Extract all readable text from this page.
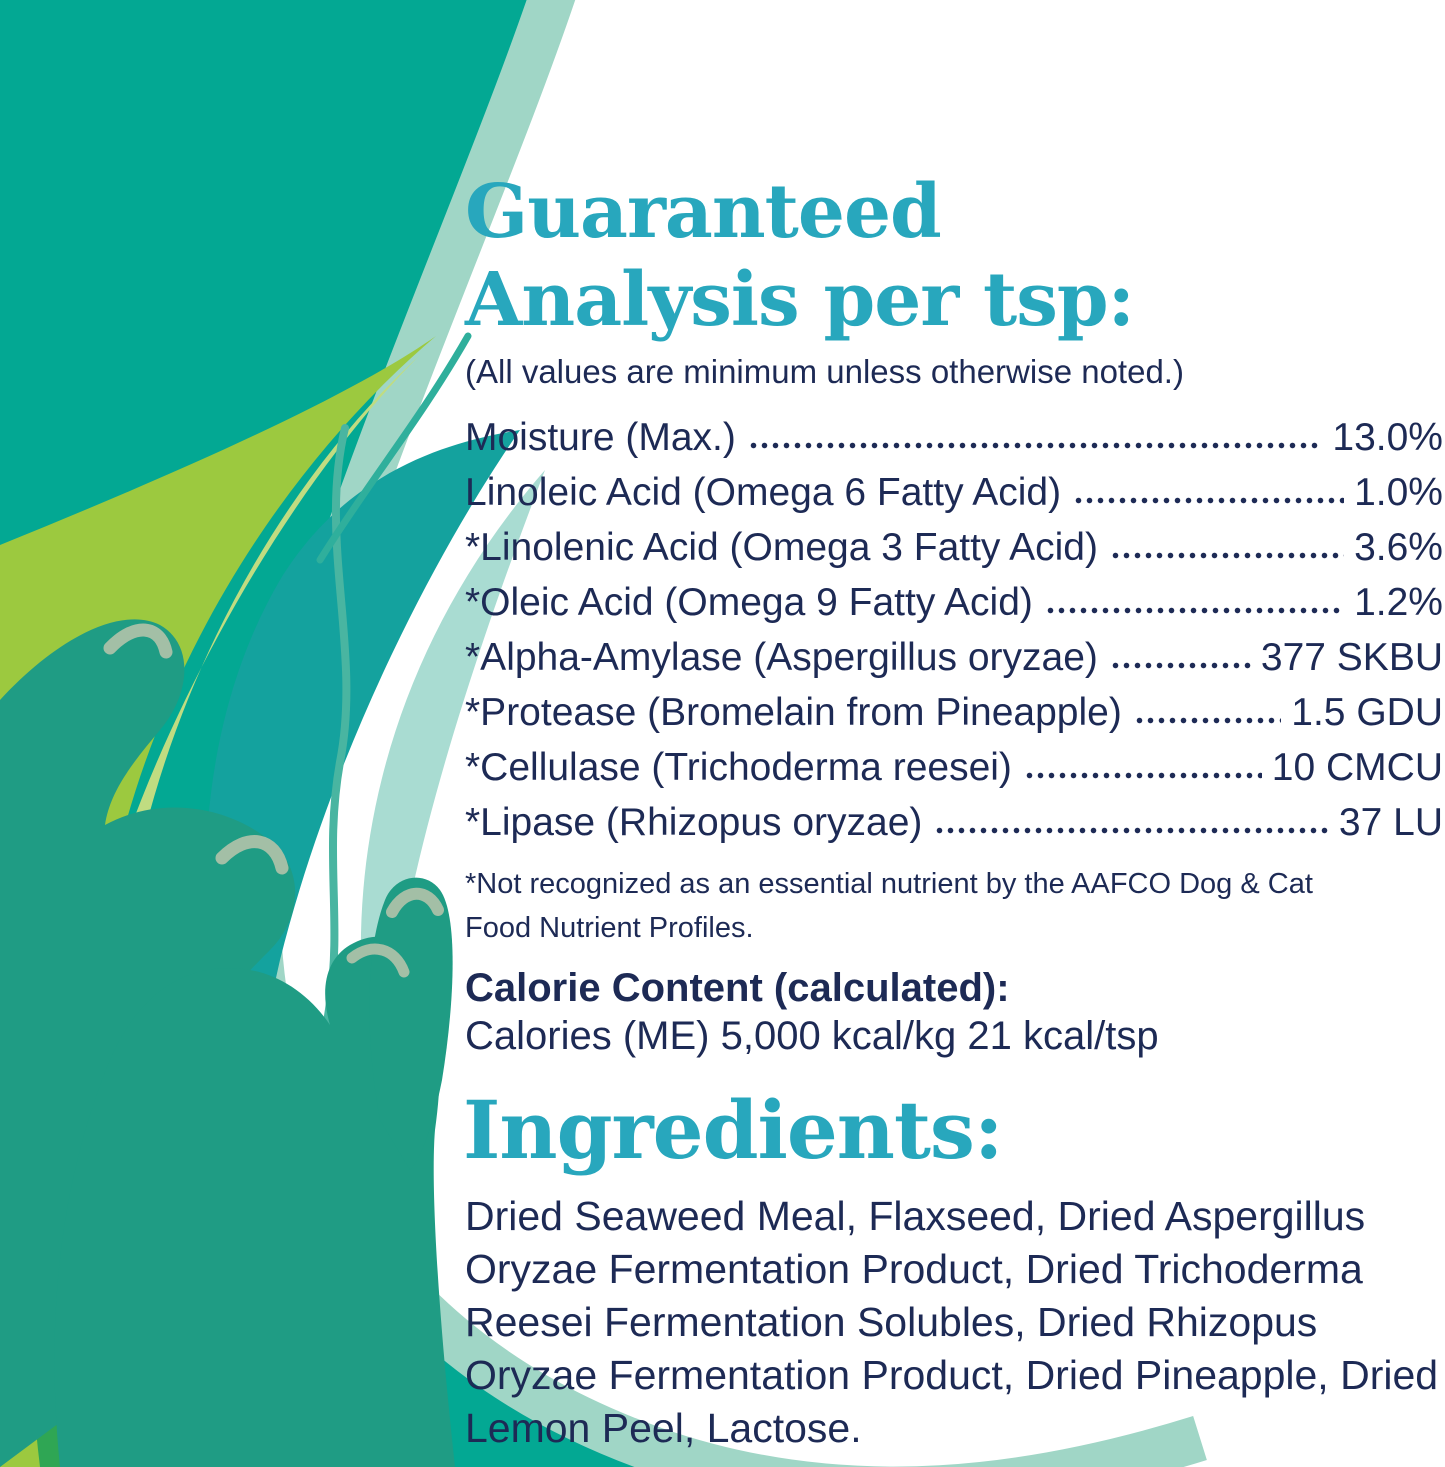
Guaranteed
Analysis per tsp:
(All values are minimum unless otherwise noted.)
Moisture (Max.)	13.0%
Linoleic Acid (Omega 6 Fatty Acid)	1.0%
*Linolenic Acid (Omega 3 Fatty Acid)	3.6%
*Oleic Acid (Omega 9 Fatty Acid)	1.2%
*Alpha-Amylase (Aspergillus oryzae)	377 SKBU
*Protease (Bromelain from Pineapple)	1.5 GDU
*Cellulase (Trichoderma reesei)	10 CMCU
*Lipase (Rhizopus oryzae)	37 LU
*Not recognized as an essential nutrient by the AAFCO Dog & Cat Food Nutrient Profiles.
Calorie Content (calculated):
Calories (ME) 5,000 kcal/kg 21 kcal/tsp
Ingredients:
Dried Seaweed Meal, Flaxseed, Dried Aspergillus Oryzae Fermentation Product, Dried Trichoderma Reesei Fermentation Solubles, Dried Rhizopus Oryzae Fermentation Product, Dried Pineapple, Dried Lemon Peel, Lactose.
